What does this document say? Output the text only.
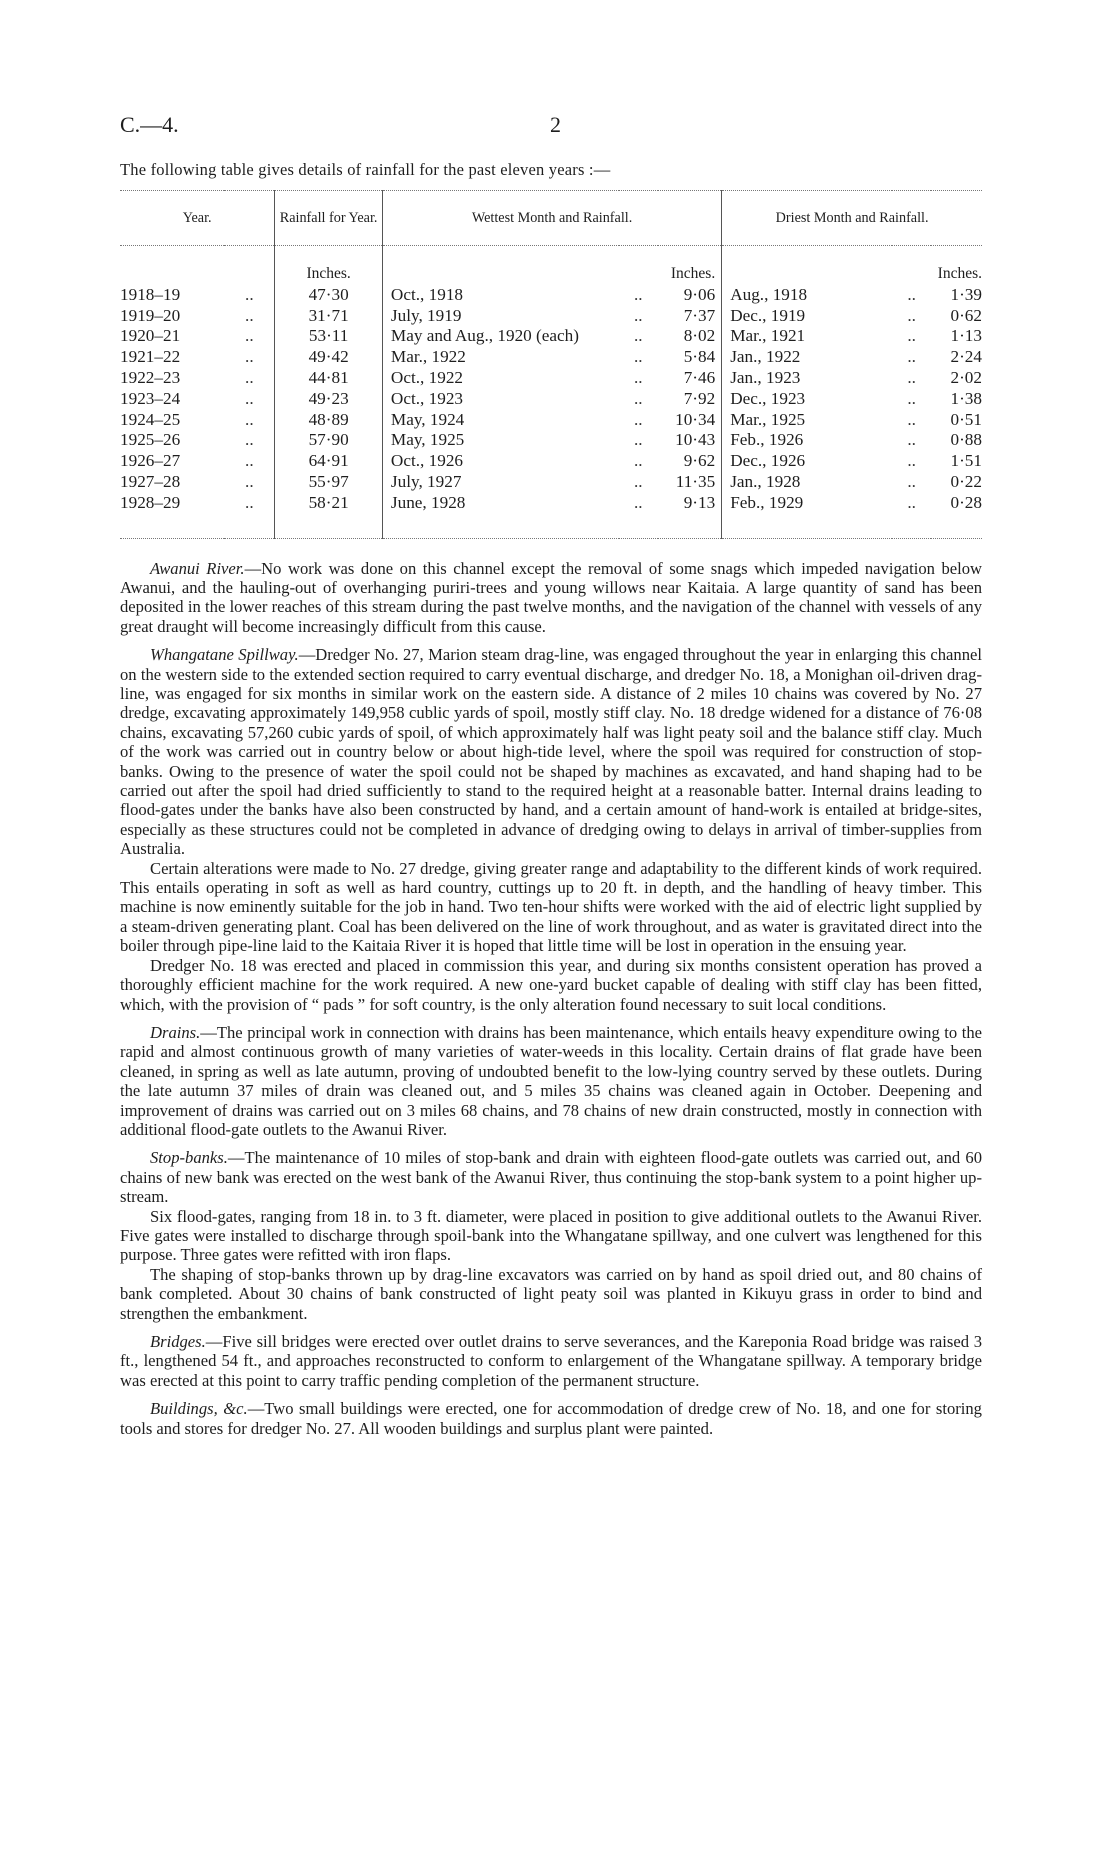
C.—4.	2
The following table gives details of rainfall for the past eleven years :—
Year.		Rainfall for Year.	Wettest Month and Rainfall.			Driest Month and Rainfall.		
		Inches.			Inches.			Inches.
1918–19	..	47·30	Oct., 1918	..	9·06	Aug., 1918	..	1·39
1919–20	..	31·71	July, 1919	..	7·37	Dec., 1919	..	0·62
1920–21	..	53·11	May and Aug., 1920 (each)	..	8·02	Mar., 1921	..	1·13
1921–22	..	49·42	Mar., 1922	..	5·84	Jan., 1922	..	2·24
1922–23	..	44·81	Oct., 1922	..	7·46	Jan., 1923	..	2·02
1923–24	..	49·23	Oct., 1923	..	7·92	Dec., 1923	..	1·38
1924–25	..	48·89	May, 1924	..	10·34	Mar., 1925	..	0·51
1925–26	..	57·90	May, 1925	..	10·43	Feb., 1926	..	0·88
1926–27	..	64·91	Oct., 1926	..	9·62	Dec., 1926	..	1·51
1927–28	..	55·97	July, 1927	..	11·35	Jan., 1928	..	0·22
1928–29	..	58·21	June, 1928	..	9·13	Feb., 1929	..	0·28

Awanui River.—No work was done on this channel except the removal of some snags which impeded navigation below Awanui, and the hauling-out of overhanging puriri-trees and young willows near Kaitaia. A large quantity of sand has been deposited in the lower reaches of this stream during the past twelve months, and the navigation of the channel with vessels of any great draught will become increasingly difficult from this cause.

Whangatane Spillway.—Dredger No. 27, Marion steam drag-line, was engaged throughout the year in enlarging this channel on the western side to the extended section required to carry eventual discharge, and dredger No. 18, a Monighan oil-driven drag-line, was engaged for six months in similar work on the eastern side. A distance of 2 miles 10 chains was covered by No. 27 dredge, excavating approximately 149,958 cublic yards of spoil, mostly stiff clay. No. 18 dredge widened for a distance of 76·08 chains, excavating 57,260 cubic yards of spoil, of which approximately half was light peaty soil and the balance stiff clay. Much of the work was carried out in country below or about high-tide level, where the spoil was required for construction of stop-banks. Owing to the presence of water the spoil could not be shaped by machines as excavated, and hand shaping had to be carried out after the spoil had dried sufficiently to stand to the required height at a reasonable batter. Internal drains leading to flood-gates under the banks have also been constructed by hand, and a certain amount of hand-work is entailed at bridge-sites, especially as these structures could not be completed in advance of dredging owing to delays in arrival of timber-supplies from Australia.

Certain alterations were made to No. 27 dredge, giving greater range and adaptability to the different kinds of work required. This entails operating in soft as well as hard country, cuttings up to 20 ft. in depth, and the handling of heavy timber. This machine is now eminently suitable for the job in hand. Two ten-hour shifts were worked with the aid of electric light supplied by a steam-driven generating plant. Coal has been delivered on the line of work throughout, and as water is gravitated direct into the boiler through pipe-line laid to the Kaitaia River it is hoped that little time will be lost in operation in the ensuing year.

Dredger No. 18 was erected and placed in commission this year, and during six months consistent operation has proved a thoroughly efficient machine for the work required. A new one-yard bucket capable of dealing with stiff clay has been fitted, which, with the provision of “ pads ” for soft country, is the only alteration found necessary to suit local conditions.

Drains.—The principal work in connection with drains has been maintenance, which entails heavy expenditure owing to the rapid and almost continuous growth of many varieties of water-weeds in this locality. Certain drains of flat grade have been cleaned, in spring as well as late autumn, proving of undoubted benefit to the low-lying country served by these outlets. During the late autumn 37 miles of drain was cleaned out, and 5 miles 35 chains was cleaned again in October. Deepening and improvement of drains was carried out on 3 miles 68 chains, and 78 chains of new drain constructed, mostly in connection with additional flood-gate outlets to the Awanui River.

Stop-banks.—The maintenance of 10 miles of stop-bank and drain with eighteen flood-gate outlets was carried out, and 60 chains of new bank was erected on the west bank of the Awanui River, thus continuing the stop-bank system to a point higher up-stream.

Six flood-gates, ranging from 18 in. to 3 ft. diameter, were placed in position to give additional outlets to the Awanui River. Five gates were installed to discharge through spoil-bank into the Whangatane spillway, and one culvert was lengthened for this purpose. Three gates were refitted with iron flaps.

The shaping of stop-banks thrown up by drag-line excavators was carried on by hand as spoil dried out, and 80 chains of bank completed. About 30 chains of bank constructed of light peaty soil was planted in Kikuyu grass in order to bind and strengthen the embankment.

Bridges.—Five sill bridges were erected over outlet drains to serve severances, and the Kareponia Road bridge was raised 3 ft., lengthened 54 ft., and approaches reconstructed to conform to enlargement of the Whangatane spillway. A temporary bridge was erected at this point to carry traffic pending completion of the permanent structure.

Buildings, &c.—Two small buildings were erected, one for accommodation of dredge crew of No. 18, and one for storing tools and stores for dredger No. 27. All wooden buildings and surplus plant were painted.
